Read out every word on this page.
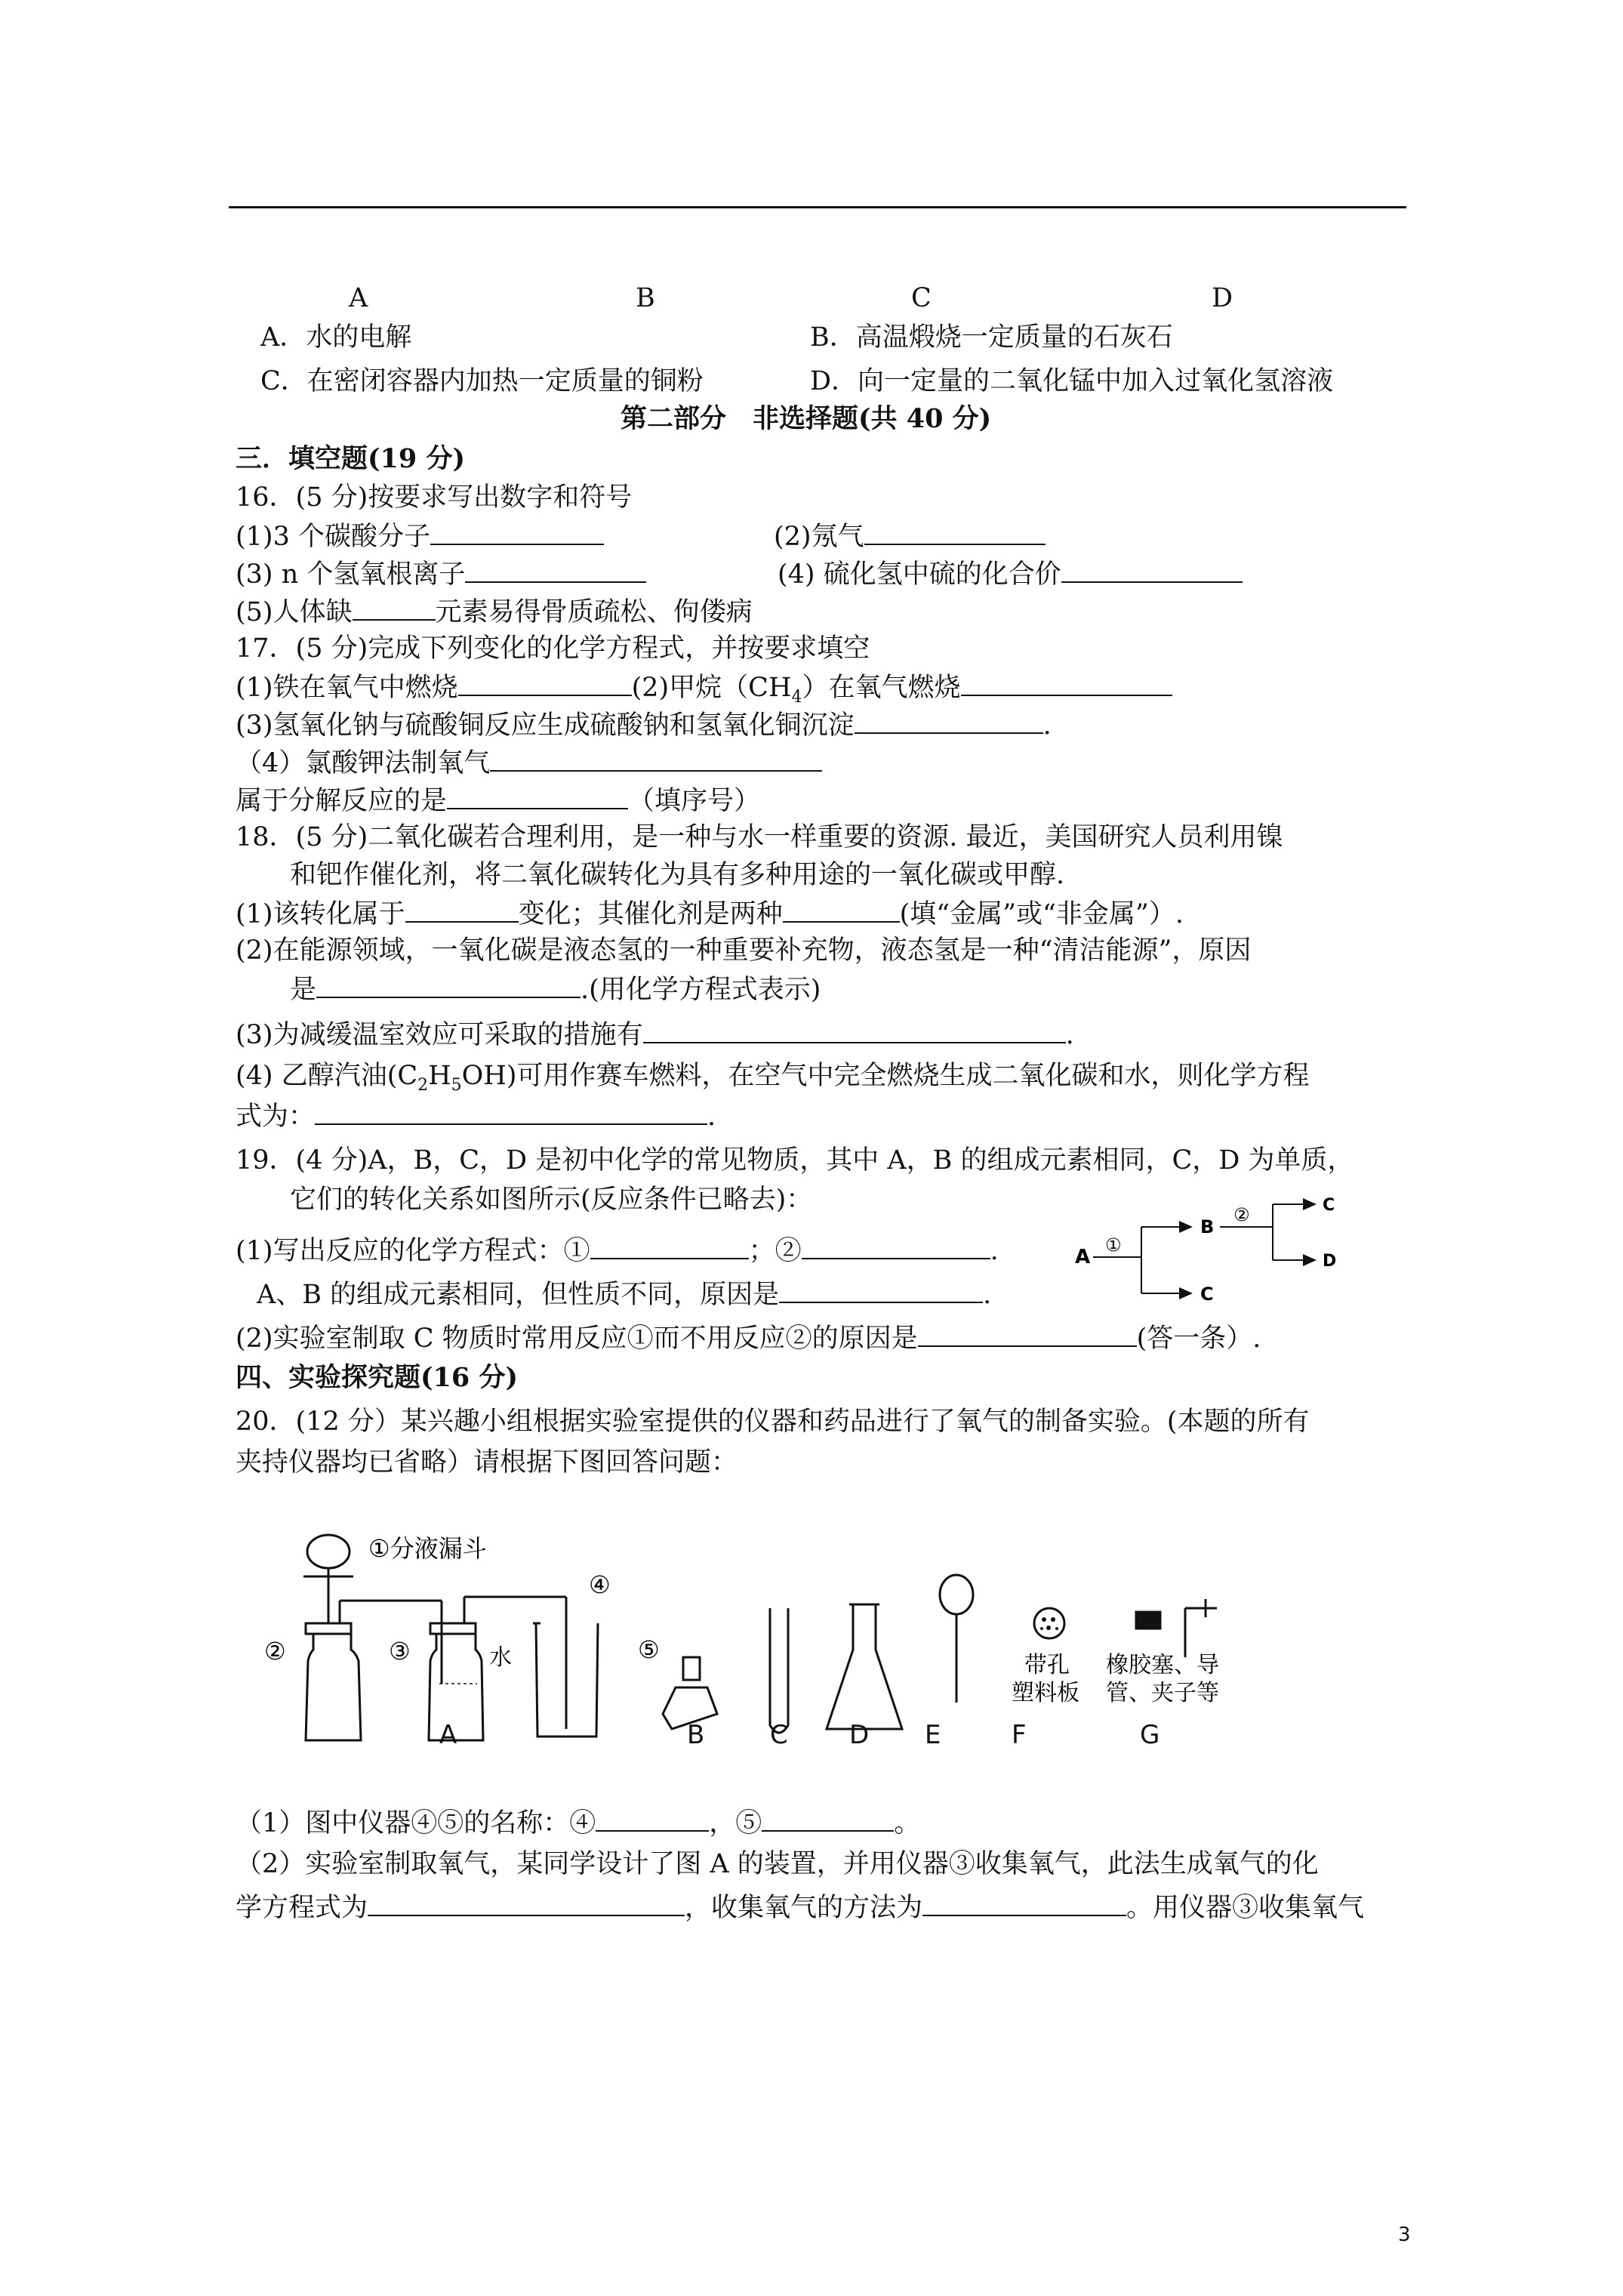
A	B	C	D
A．水的电解	B．高温煅烧一定质量的石灰石
C．在密闭容器内加热一定质量的铜粉	D．向一定量的二氧化锰中加入过氧化氢溶液
第二部分　非选择题(共 40 分)
三．填空题(19 分)
16．(5 分)按要求写出数字和符号
(1)3 个碳酸分子	(2)氖气
(3) n 个氢氧根离子	(4) 硫化氢中硫的化合价
(5)人体缺	元素易得骨质疏松、佝偻病
17．(5 分)完成下列变化的化学方程式，并按要求填空
(1)铁在氧气中燃烧	(2)甲烷$(CH_4)$在氧气燃烧
(3)氢氧化钠与硫酸铜反应生成硫酸钠和氢氧化铜沉淀	.
（4）氯酸钾法制氧气
属于分解反应的是	（填序号）
18．(5 分)二氧化碳若合理利用，是一种与水一样重要的资源. 最近，美国研究人员利用镍
和钯作催化剂，将二氧化碳转化为具有多种用途的一氧化碳或甲醇.
(1)该转化属于	变化；其催化剂是两种	(填“金属”或“非金属”）.
(2)在能源领域，一氧化碳是液态氢的一种重要补充物，液态氢是一种“清洁能源”，原因
是	.(用化学方程式表示)
(3)为减缓温室效应可采取的措施有	.
(4) 乙醇汽油$(C_2H_5OH)$可用作赛车燃料，在空气中完全燃烧生成二氧化碳和水，则化学方程
式为：	.
19．(4 分)A，B，C，D 是初中化学的常见物质，其中 A，B 的组成元素相同，C，D 为单质，
它们的转化关系如图所示(反应条件已略去)：
(1)写出反应的化学方程式：①	；②	.
A、B 的组成元素相同，但性质不同，原因是	.
(2)实验室制取 C 物质时常用反应①而不用反应②的原因是	(答一条）.
A
①
B
C
②	C
D
四、实验探究题(16 分)
20．(12 分）某兴趣小组根据实验室提供的仪器和药品进行了氧气的制备实验。(本题的所有
夹持仪器均已省略）请根据下图回答问题：
①分液漏斗
②	③
④
⑤
水	带孔
塑料板
橡胶塞、导
管、夹子等
A	B	C D E	F	G
（1）图中仪器④⑤的名称：④	，⑤	。
（2）实验室制取氧气，某同学设计了图 A 的装置，并用仪器③收集氧气，此法生成氧气的化
学方程式为	，收集氧气的方法为	。用仪器③收集氧气
3
